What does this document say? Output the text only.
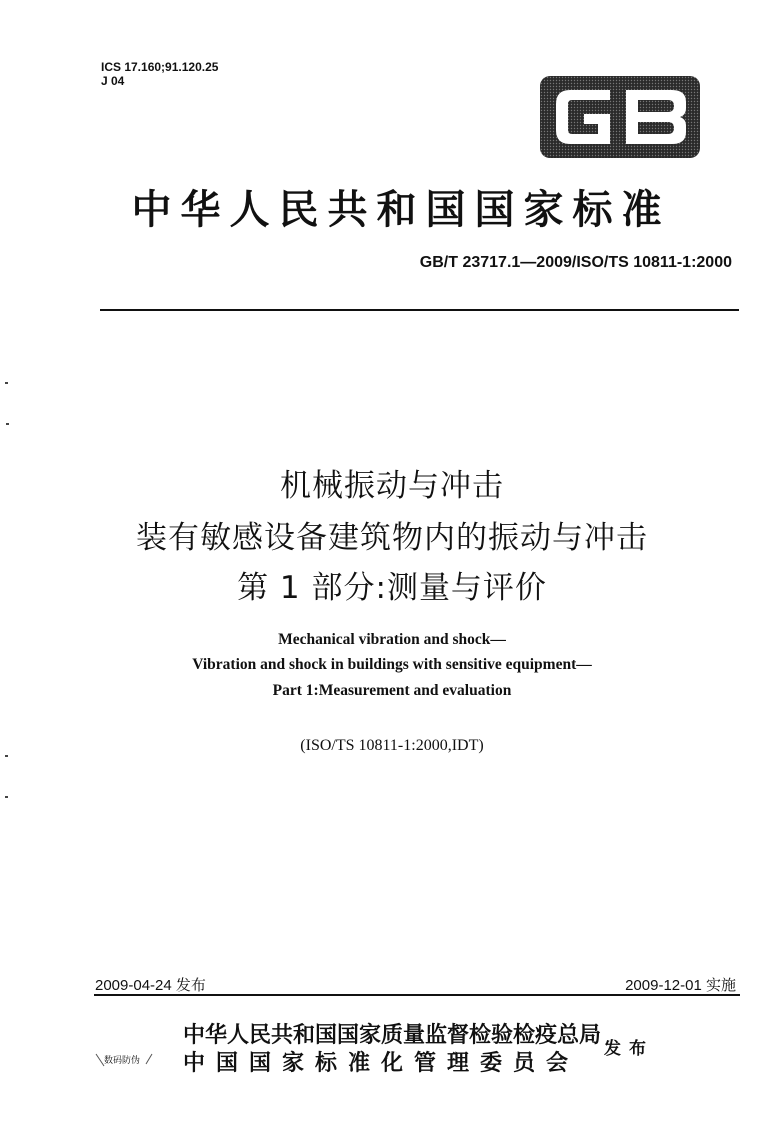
ICS 17.160;91.120.25
J 04
中华人民共和国国家标准
GB/T 23717.1—2009/ISO/TS 10811-1:2000
机械振动与冲击
装有敏感设备建筑物内的振动与冲击
第 1 部分:测量与评价
Mechanical vibration and shock—
Vibration and shock in buildings with sensitive equipment—
Part 1:Measurement and evaluation
(ISO/TS 10811-1:2000,IDT)
2009-04-24 发布	2009-12-01 实施
中华人民共和国国家质量监督检验检疫总局
中国国家标准化管理委员会
发布
数码防伪
